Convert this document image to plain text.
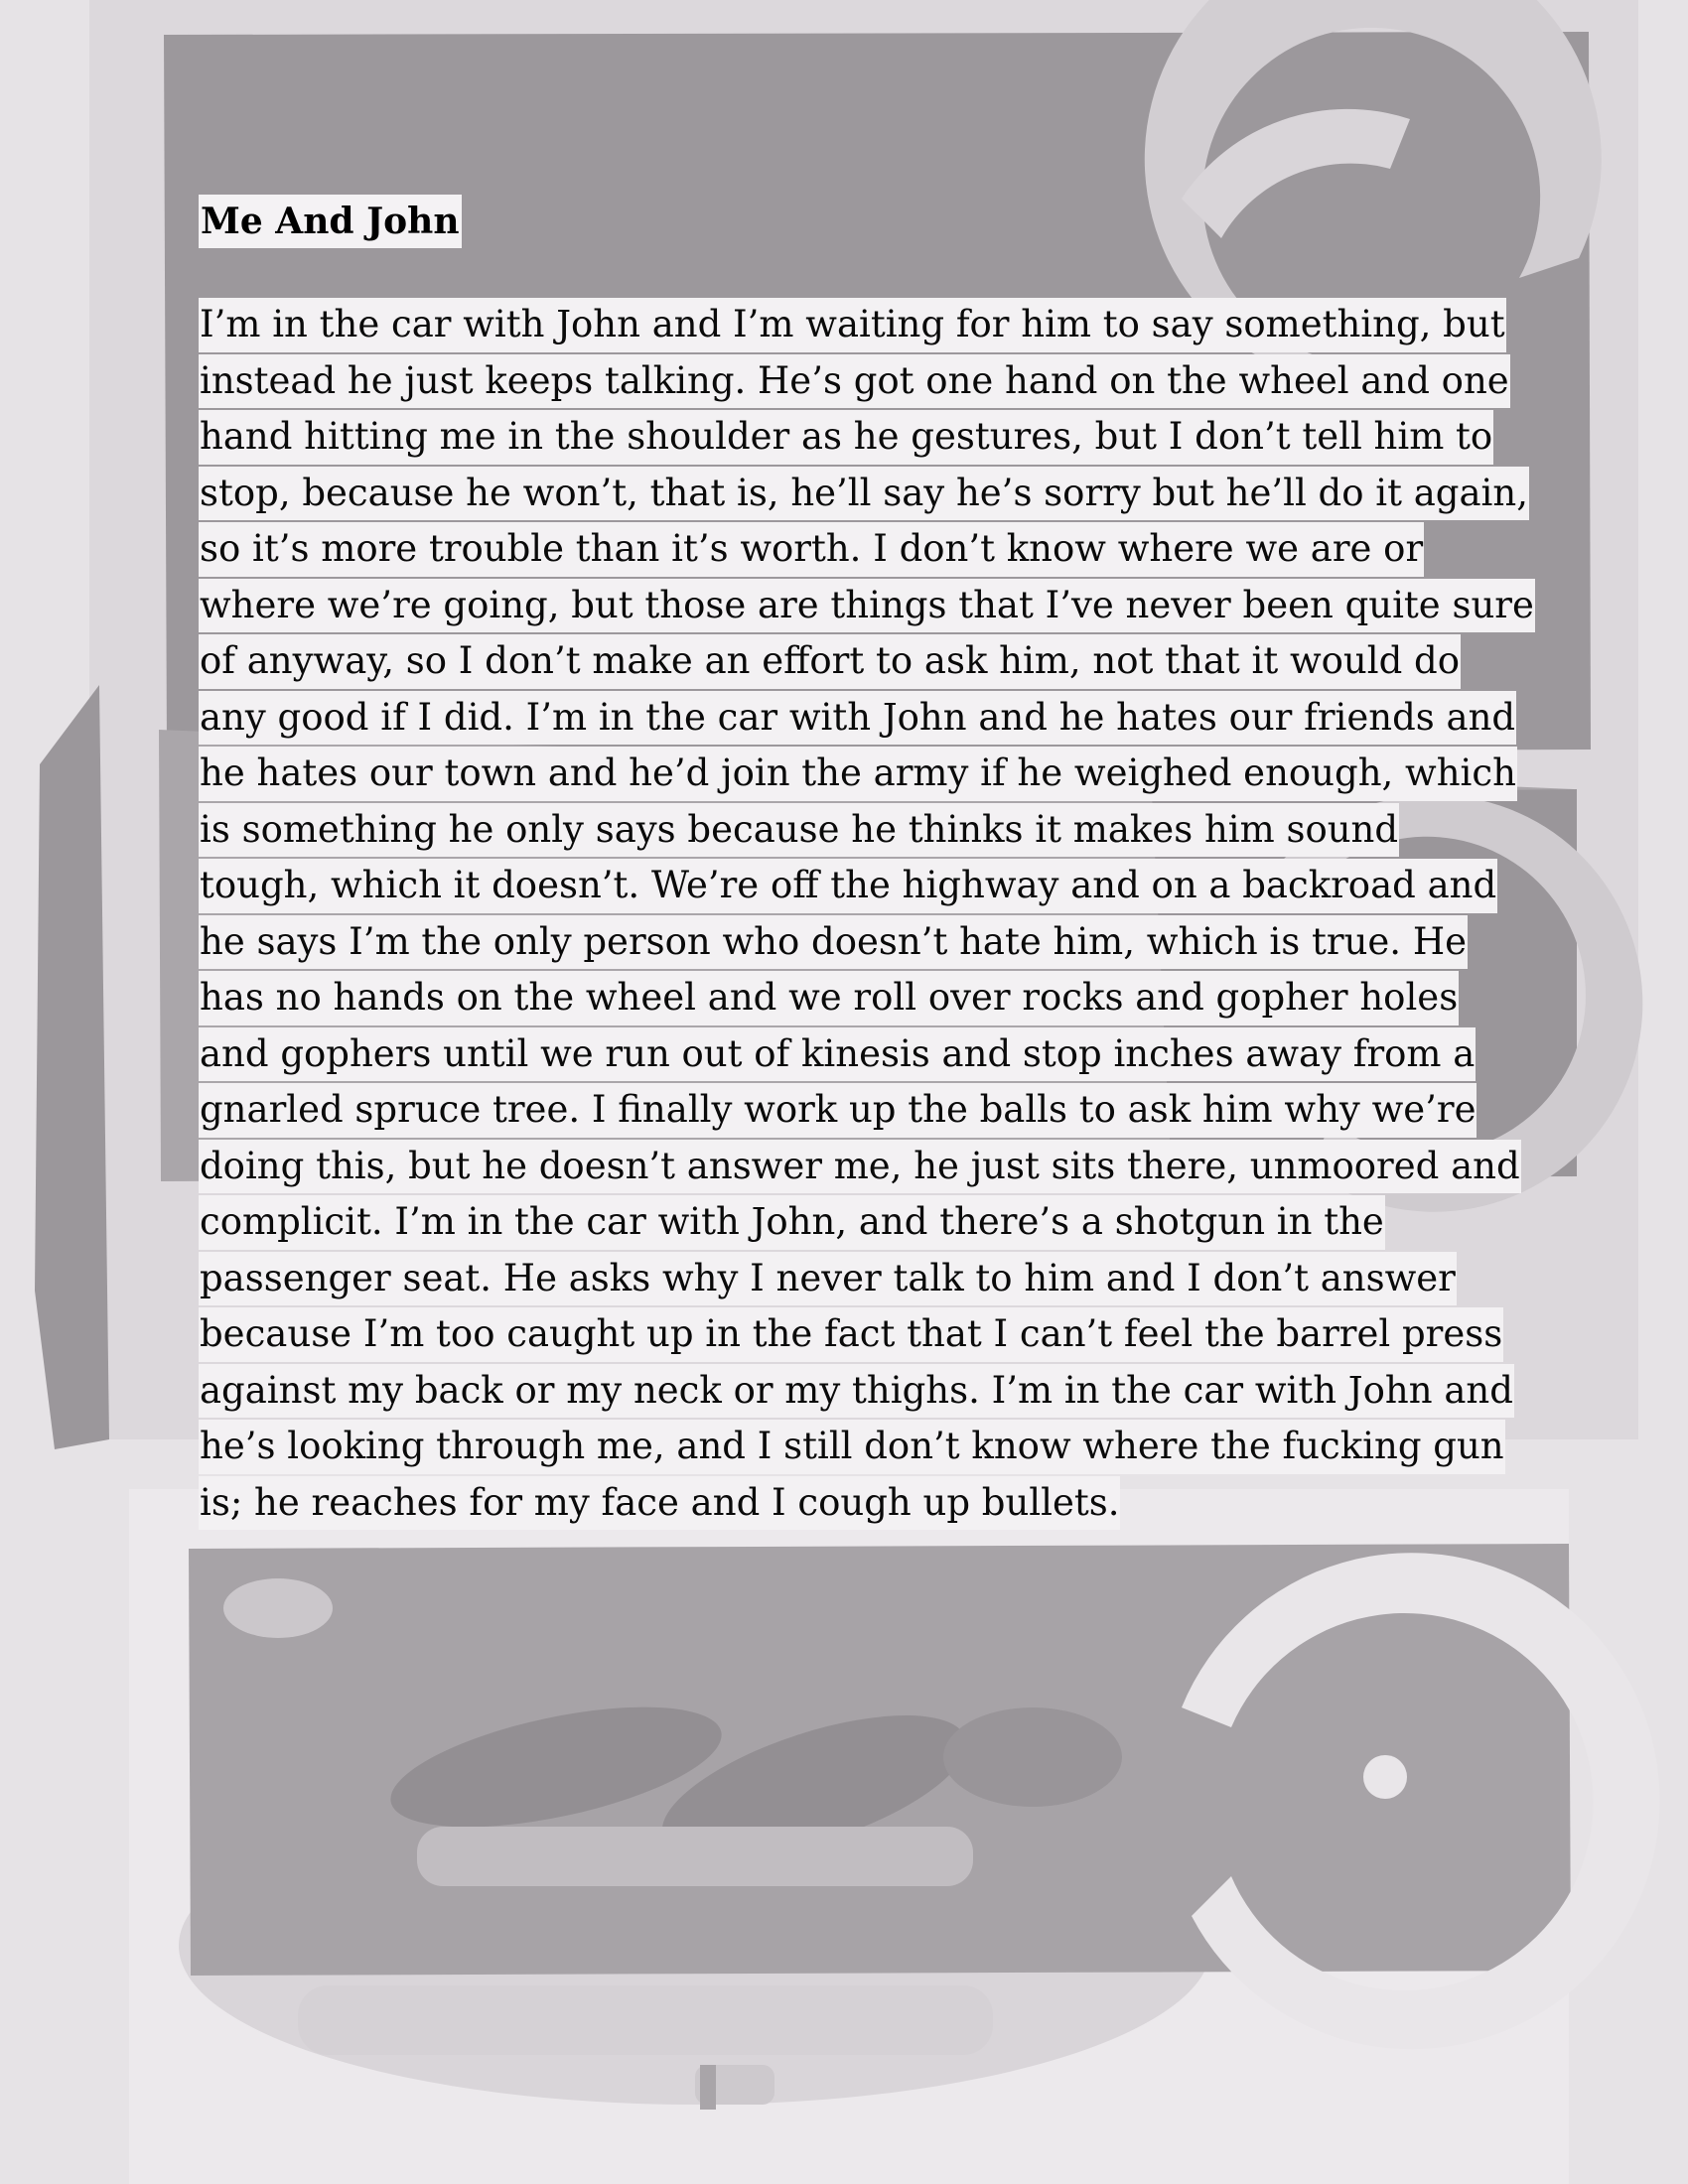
Me And John
I’m in the car with John and I’m waiting for him to say something, but
instead he just keeps talking. He’s got one hand on the wheel and one
hand hitting me in the shoulder as he gestures, but I don’t tell him to
stop, because he won’t, that is, he’ll say he’s sorry but he’ll do it again,
so it’s more trouble than it’s worth. I don’t know where we are or
where we’re going, but those are things that I’ve never been quite sure
of anyway, so I don’t make an effort to ask him, not that it would do
any good if I did. I’m in the car with John and he hates our friends and
he hates our town and he’d join the army if he weighed enough, which
is something he only says because he thinks it makes him sound
tough, which it doesn’t. We’re off the highway and on a backroad and
he says I’m the only person who doesn’t hate him, which is true. He
has no hands on the wheel and we roll over rocks and gopher holes
and gophers until we run out of kinesis and stop inches away from a
gnarled spruce tree. I finally work up the balls to ask him why we’re
doing this, but he doesn’t answer me, he just sits there, unmoored and
complicit. I’m in the car with John, and there’s a shotgun in the
passenger seat. He asks why I never talk to him and I don’t answer
because I’m too caught up in the fact that I can’t feel the barrel press
against my back or my neck or my thighs. I’m in the car with John and
he’s looking through me, and I still don’t know where the fucking gun
is; he reaches for my face and I cough up bullets.
